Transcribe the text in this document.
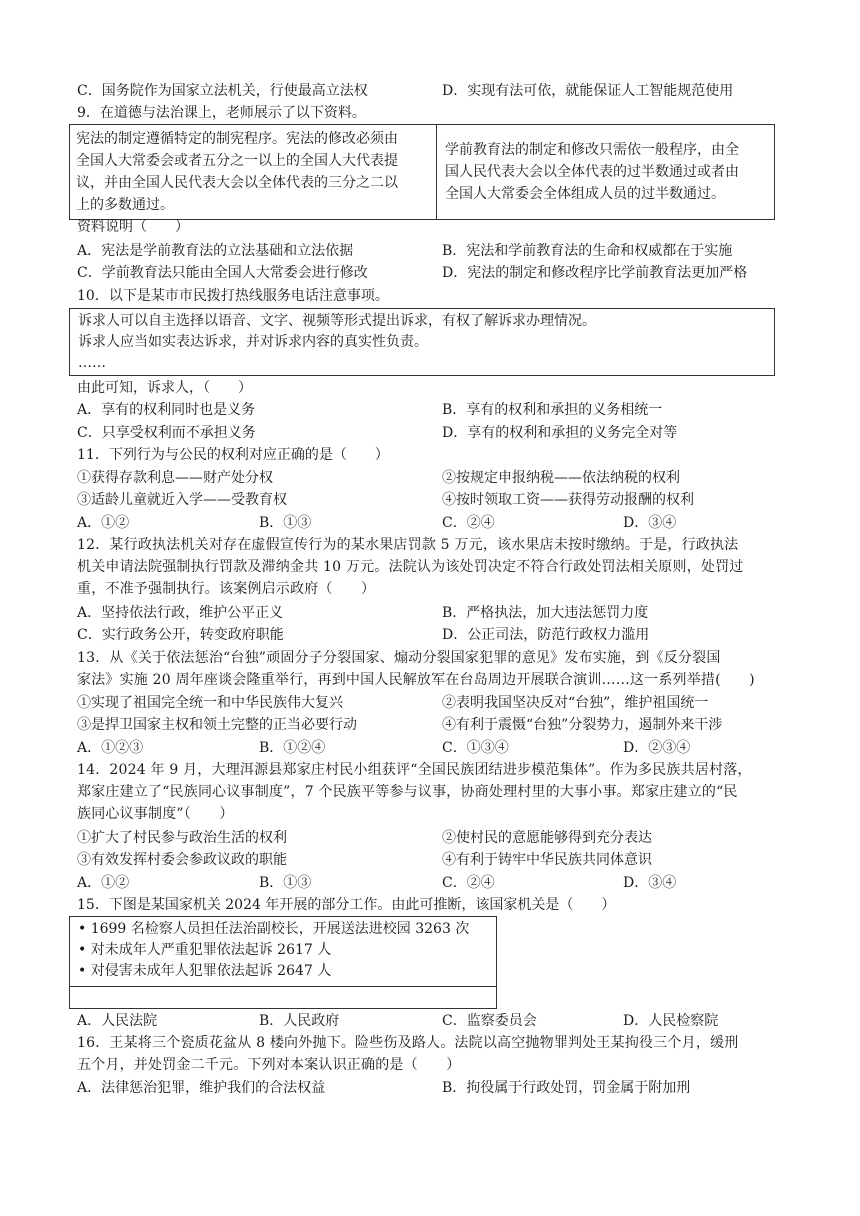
C．国务院作为国家立法机关，行使最高立法权	D．实现有法可依，就能保证人工智能规范使用
9．在道德与法治课上，老师展示了以下资料。
宪法的制定遵循特定的制宪程序。宪法的修改必须由
全国人大常委会或者五分之一以上的全国人大代表提
议，并由全国人民代表大会以全体代表的三分之二以
上的多数通过。

学前教育法的制定和修改只需依一般程序，由全
国人民代表大会以全体代表的过半数通过或者由
全国人大常委会全体组成人员的过半数通过。
资料说明（　　）
A．宪法是学前教育法的立法基础和立法依据	B．宪法和学前教育法的生命和权威都在于实施
C．学前教育法只能由全国人大常委会进行修改	D．宪法的制定和修改程序比学前教育法更加严格
10．以下是某市市民拨打热线服务电话注意事项。
诉求人可以自主选择以语音、文字、视频等形式提出诉求，有权了解诉求办理情况。
诉求人应当如实表达诉求，并对诉求内容的真实性负责。
……
由此可知，诉求人，（　　）
A．享有的权利同时也是义务	B．享有的权利和承担的义务相统一
C．只享受权利而不承担义务	D．享有的权利和承担的义务完全对等
11．下列行为与公民的权利对应正确的是（　　）
①获得存款利息——财产处分权	②按规定申报纳税——依法纳税的权利
③适龄儿童就近入学——受教育权	④按时领取工资——获得劳动报酬的权利
A．①②	B．①③	C．②④	D．③④
12．某行政执法机关对存在虚假宣传行为的某水果店罚款 5 万元，该水果店未按时缴纳。于是，行政执法
机关申请法院强制执行罚款及滞纳金共 10 万元。法院认为该处罚决定不符合行政处罚法相关原则，处罚过
重，不准予强制执行。该案例启示政府（　　）
A．坚持依法行政，维护公平正义	B．严格执法，加大违法惩罚力度
C．实行政务公开，转变政府职能	D．公正司法，防范行政权力滥用
13．从《关于依法惩治“台独”顽固分子分裂国家、煽动分裂国家犯罪的意见》发布实施，到《反分裂国
家法》实施 20 周年座谈会隆重举行，再到中国人民解放军在台岛周边开展联合演训……这一系列举措(　　)
①实现了祖国完全统一和中华民族伟大复兴	②表明我国坚决反对“台独”，维护祖国统一
③是捍卫国家主权和领土完整的正当必要行动	④有利于震慑“台独”分裂势力，遏制外来干涉
A．①②③	B．①②④	C．①③④	D．②③④
14．2024 年 9 月，大理洱源县郑家庄村民小组获评“全国民族团结进步模范集体”。作为多民族共居村落，
郑家庄建立了“民族同心议事制度”，7 个民族平等参与议事，协商处理村里的大事小事。郑家庄建立的“民
族同心议事制度”（　　）
①扩大了村民参与政治生活的权利	②使村民的意愿能够得到充分表达
③有效发挥村委会参政议政的职能	④有利于铸牢中华民族共同体意识
A．①②	B．①③	C．②④	D．③④
15．下图是某国家机关 2024 年开展的部分工作。由此可推断，该国家机关是（　　）
• 1699 名检察人员担任法治副校长，开展送法进校园 3263 次
• 对未成年人严重犯罪依法起诉 2617 人
• 对侵害未成年人犯罪依法起诉 2647 人
A．人民法院	B．人民政府	C．监察委员会	D．人民检察院
16．王某将三个瓷质花盆从 8 楼向外抛下。险些伤及路人。法院以高空抛物罪判处王某拘役三个月，缓刑
五个月，并处罚金二千元。下列对本案认识正确的是（　　）
A．法律惩治犯罪，维护我们的合法权益	B．拘役属于行政处罚，罚金属于附加刑
